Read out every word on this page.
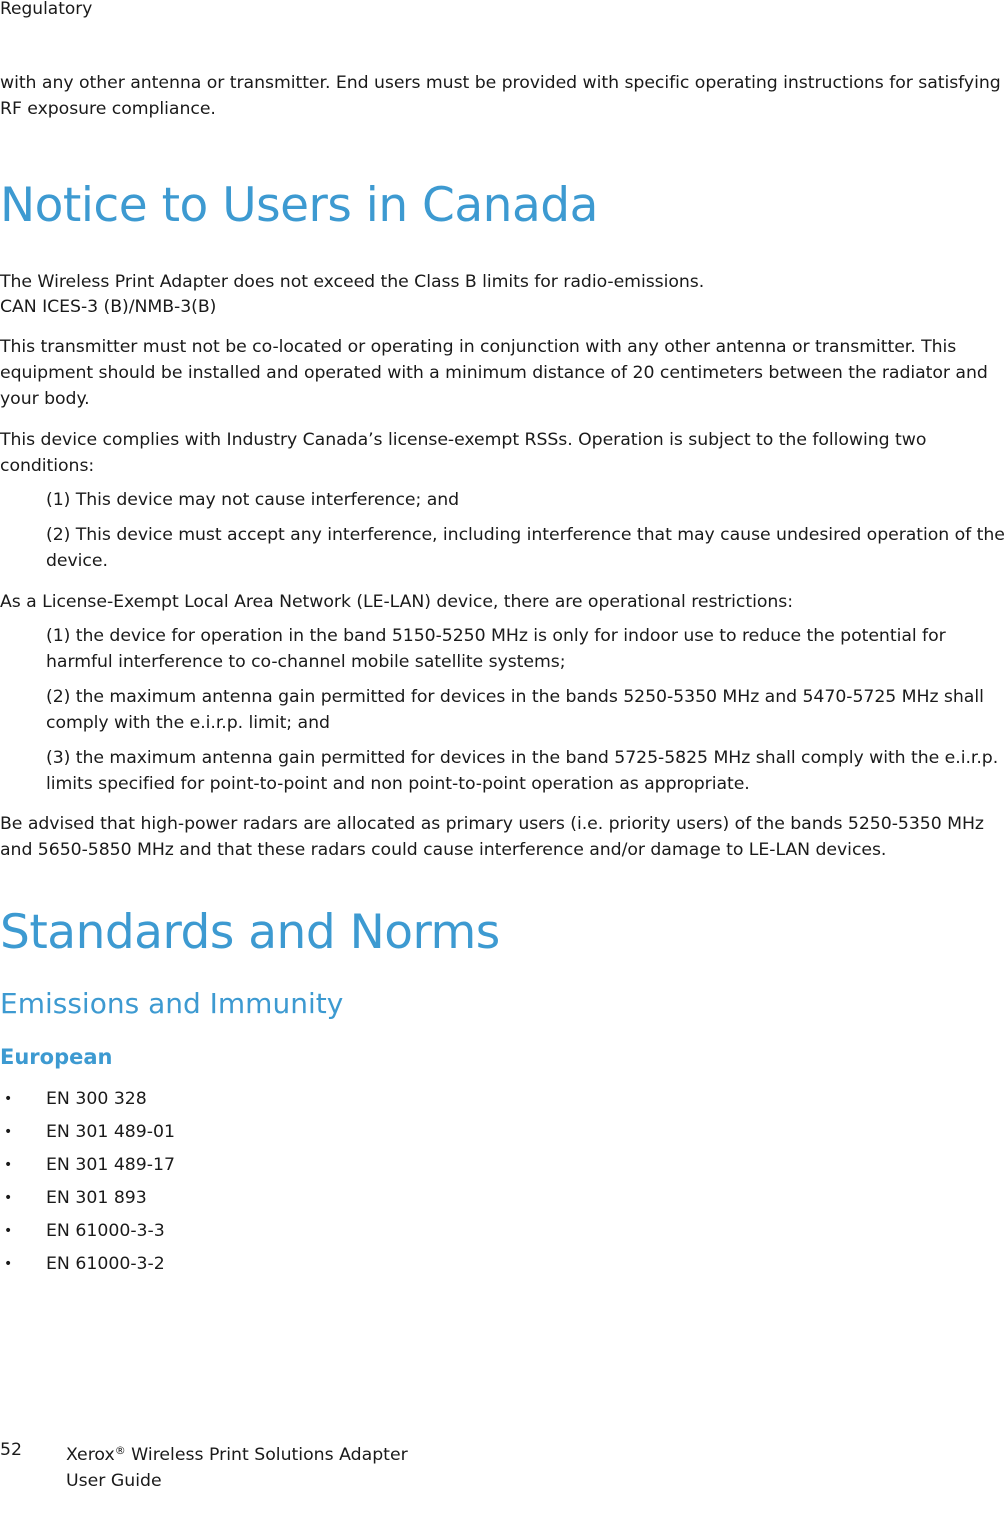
Regulatory

with any other antenna or transmitter. End users must be provided with specific operating instructions for satisfying RF exposure compliance.

Notice to Users in Canada

The Wireless Print Adapter does not exceed the Class B limits for radio-emissions.

CAN ICES-3 (B)/NMB-3(B)

This transmitter must not be co-located or operating in conjunction with any other antenna or transmitter. This equipment should be installed and operated with a minimum distance of 20 centimeters between the radiator and your body.

This device complies with Industry Canada’s license-exempt RSSs. Operation is subject to the following two conditions:

(1) This device may not cause interference; and

(2) This device must accept any interference, including interference that may cause undesired operation of the device.

As a License-Exempt Local Area Network (LE-LAN) device, there are operational restrictions:

(1) the device for operation in the band 5150-5250 MHz is only for indoor use to reduce the potential for harmful interference to co-channel mobile satellite systems;

(2) the maximum antenna gain permitted for devices in the bands 5250-5350 MHz and 5470-5725 MHz shall comply with the e.i.r.p. limit; and

(3) the maximum antenna gain permitted for devices in the band 5725-5825 MHz shall comply with the e.i.r.p. limits specified for point-to-point and non point-to-point operation as appropriate.

Be advised that high-power radars are allocated as primary users (i.e. priority users) of the bands 5250-5350 MHz and 5650-5850 MHz and that these radars could cause interference and/or damage to LE-LAN devices.

Standards and Norms
Emissions and Immunity
European
• EN 300 328
• EN 301 489-01
• EN 301 489-17
• EN 301 893
• EN 61000-3-3
• EN 61000-3-2
52	Xerox® Wireless Print Solutions Adapter
User Guide
